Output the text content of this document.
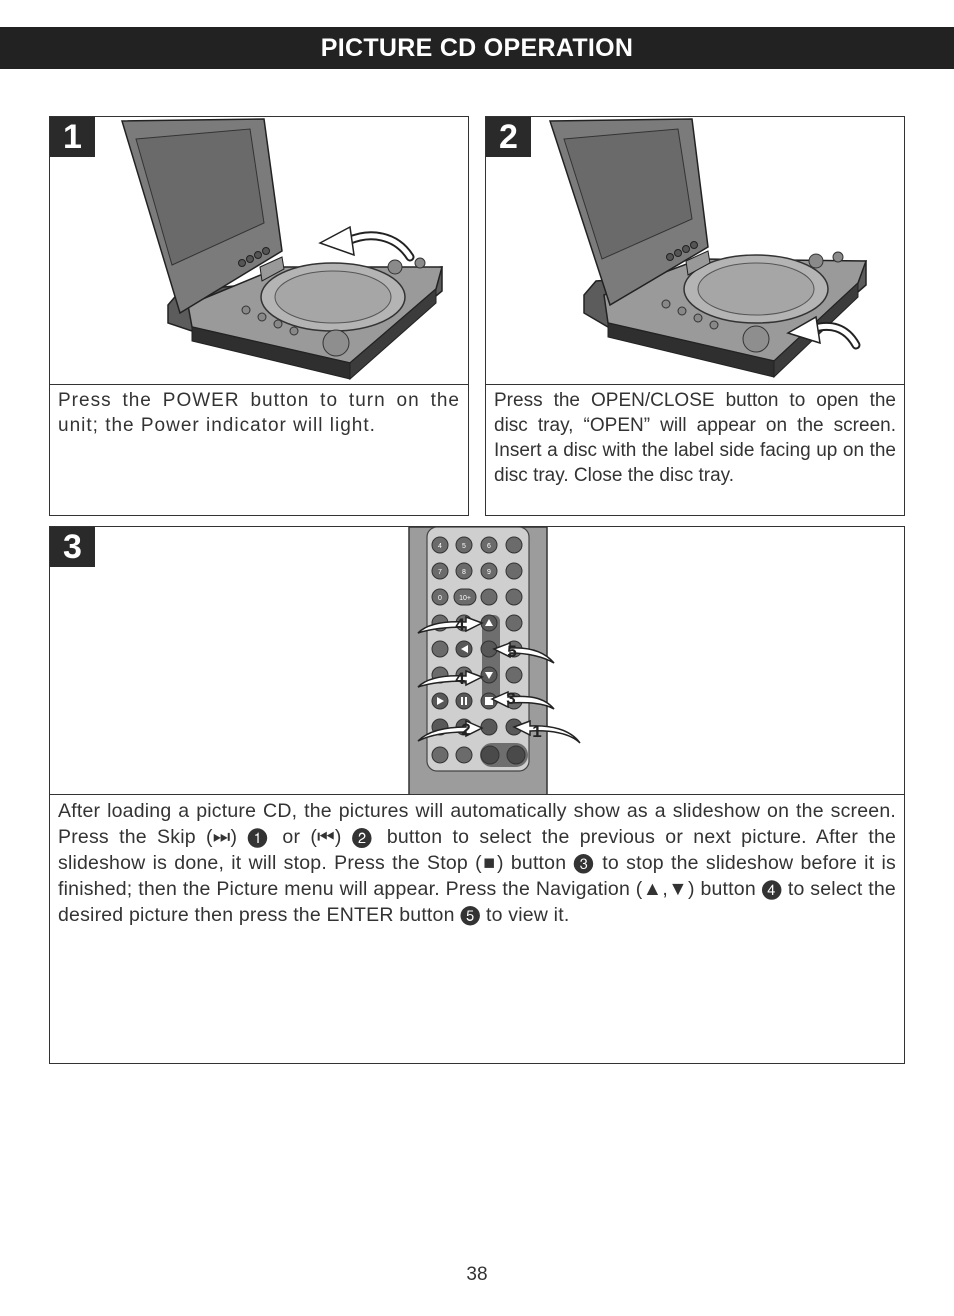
PICTURE CD OPERATION
1
Press the POWER button to turn on the unit; the Power indicator will light.
2
Press the OPEN/CLOSE button to open the disc tray, “OPEN” will appear on the screen. Insert a disc with the label side facing up on the disc tray. Close the disc tray.
3	4	5	6
7	8	9
0 10+
4
5
4
3
2	1
After loading a picture CD, the pictures will automatically show as a slideshow on the screen. Press the Skip (⏭) ❶ or (⏮) ❷ button to select the previous or next picture. After the slideshow is done, it will stop. Press the Stop (■) button ❸ to stop the slideshow before it is finished; then the Picture menu will appear. Press the Navigation (▲,▼) button ❹ to select the desired picture then press the ENTER button ❺ to view it.
38
